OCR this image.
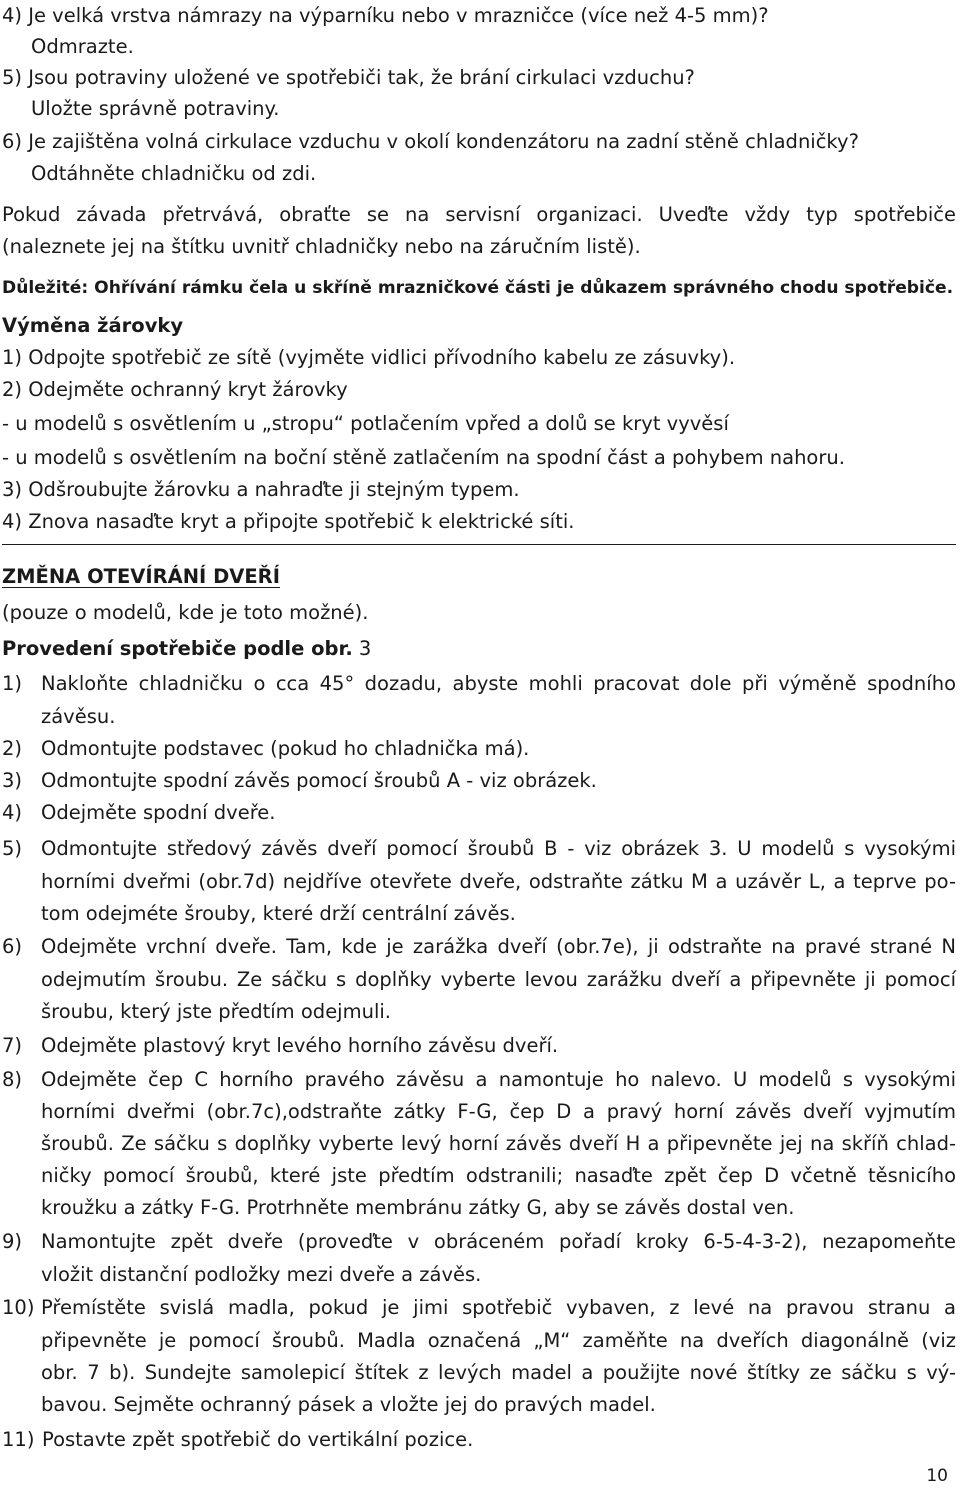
4) Je velká vrstva námrazy na výparníku nebo v mrazničce (více než 4-5 mm)?

Odmrazte.

5) Jsou potraviny uložené ve spotřebiči tak, že brání cirkulaci vzduchu?

Uložte správně potraviny.

6) Je zajištěna volná cirkulace vzduchu v okolí kondenzátoru na zadní stěně chladničky?

Odtáhněte chladničku od zdi.

Pokud závada přetrvává, obraťte se na servisní organizaci. Uveďte vždy typ spotřebiče

(naleznete jej na štítku uvnitř chladničky nebo na záručním listě).

Důležité: Ohřívání rámku čela u skříně mrazničkové části je důkazem správného chodu spotřebiče.

Výměna žárovky

1) Odpojte spotřebič ze sítě (vyjměte vidlici přívodního kabelu ze zásuvky).

2) Odejměte ochranný kryt žárovky

- u modelů s osvětlením u „stropu“ potlačením vpřed a dolů se kryt vyvěsí

- u modelů s osvětlením na boční stěně zatlačením na spodní část a pohybem nahoru.

3) Odšroubujte žárovku a nahraďte ji stejným typem.

4) Znova nasaďte kryt a připojte spotřebič k elektrické síti.

ZMĚNA OTEVÍRÁNÍ DVEŘÍ

(pouze o modelů, kde je toto možné).

Provedení spotřebiče podle obr. 3

1) Nakloňte chladničku o cca 45° dozadu, abyste mohli pracovat dole při výměně spodního

závěsu.

2) Odmontujte podstavec (pokud ho chladnička má).

3) Odmontujte spodní závěs pomocí šroubů A - viz obrázek.

4) Odejměte spodní dveře.

5) Odmontujte středový závěs dveří pomocí šroubů B - viz obrázek 3. U modelů s vysokými

horními dveřmi (obr.7d) nejdříve otevřete dveře, odstraňte zátku M a uzávěr L, a teprve po-

tom odejméte šrouby, které drží centrální závěs.

6) Odejměte vrchní dveře. Tam, kde je zarážka dveří (obr.7e), ji odstraňte na pravé strané N

odejmutím šroubu. Ze sáčku s doplňky vyberte levou zarážku dveří a připevněte ji pomocí

šroubu, který jste předtím odejmuli.

7) Odejměte plastový kryt levého horního závěsu dveří.

8) Odejměte čep C horního pravého závěsu a namontuje ho nalevo. U modelů s vysokými

horními dveřmi (obr.7c),odstraňte zátky F-G, čep D a pravý horní závěs dveří vyjmutím

šroubů. Ze sáčku s doplňky vyberte levý horní závěs dveří H a připevněte jej na skříň chlad-

ničky pomocí šroubů, které jste předtím odstranili; nasaďte zpět čep D včetně těsnicího

kroužku a zátky F-G. Protrhněte membránu zátky G, aby se závěs dostal ven.

9) Namontujte zpět dveře (proveďte v obráceném pořadí kroky 6-5-4-3-2), nezapomeňte

vložit distanční podložky mezi dveře a závěs.

10) Přemístěte svislá madla, pokud je jimi spotřebič vybaven, z levé na pravou stranu a

připevněte je pomocí šroubů. Madla označená „M“ zaměňte na dveřích diagonálně (viz

obr. 7 b). Sundejte samolepicí štítek z levých madel a použijte nové štítky ze sáčku s vý-

bavou. Sejměte ochranný pásek a vložte jej do pravých madel.

11) Postavte zpět spotřebič do vertikální pozice.

10
